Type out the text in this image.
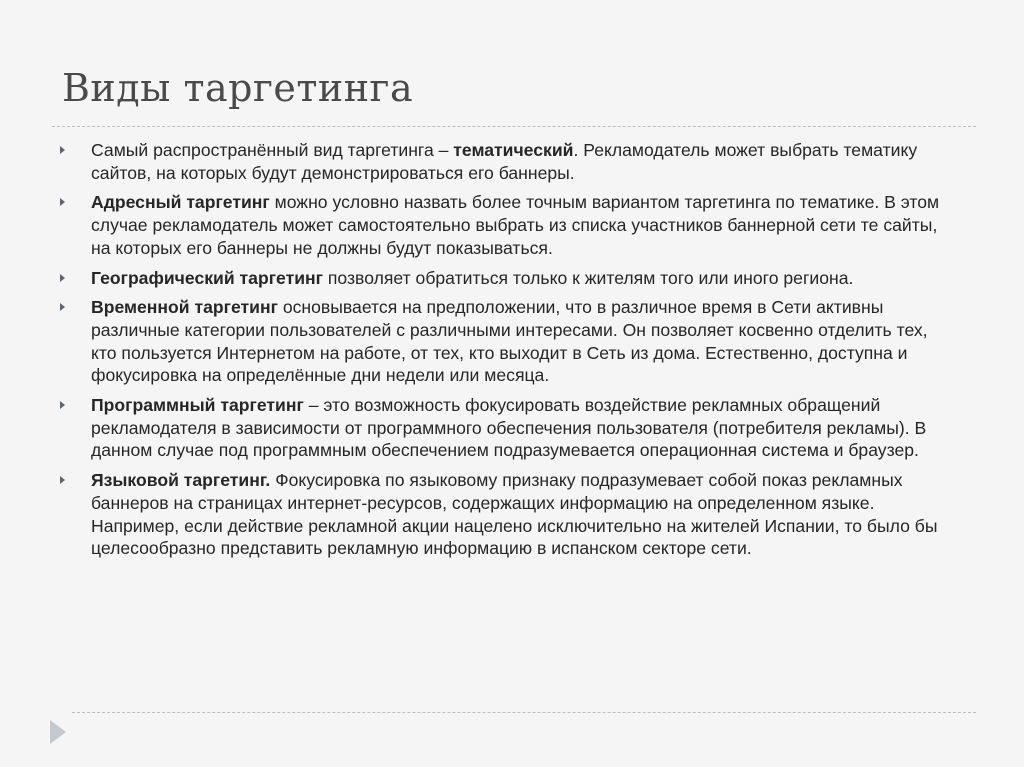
Виды таргетинга
Самый распространённый вид таргетинга – тематический. Рекламодатель может выбрать тематику сайтов, на которых будут демонстрироваться его баннеры.
Адресный таргетинг можно условно назвать более точным вариантом таргетинга по тематике. В этом случае рекламодатель может самостоятельно выбрать из списка участников баннерной сети те сайты, на которых его баннеры не должны будут показываться.
Географический таргетинг позволяет обратиться только к жителям того или иного региона.
Временной таргетинг основывается на предположении, что в различное время в Сети активны различные категории пользователей с различными интересами. Он позволяет косвенно отделить тех, кто пользуется Интернетом на работе, от тех, кто выходит в Сеть из дома. Естественно, доступна и фокусировка на определённые дни недели или месяца.
Программный таргетинг – это возможность фокусировать воздействие рекламных обращений рекламодателя в зависимости от программного обеспечения пользователя (потребителя рекламы). В данном случае под программным обеспечением подразумевается операционная система и браузер.
Языковой таргетинг. Фокусировка по языковому признаку подразумевает собой показ рекламных баннеров на страницах интернет-ресурсов, содержащих информацию на определенном языке. Например, если действие рекламной акции нацелено исключительно на жителей Испании, то было бы целесообразно представить рекламную информацию в испанском секторе сети.
